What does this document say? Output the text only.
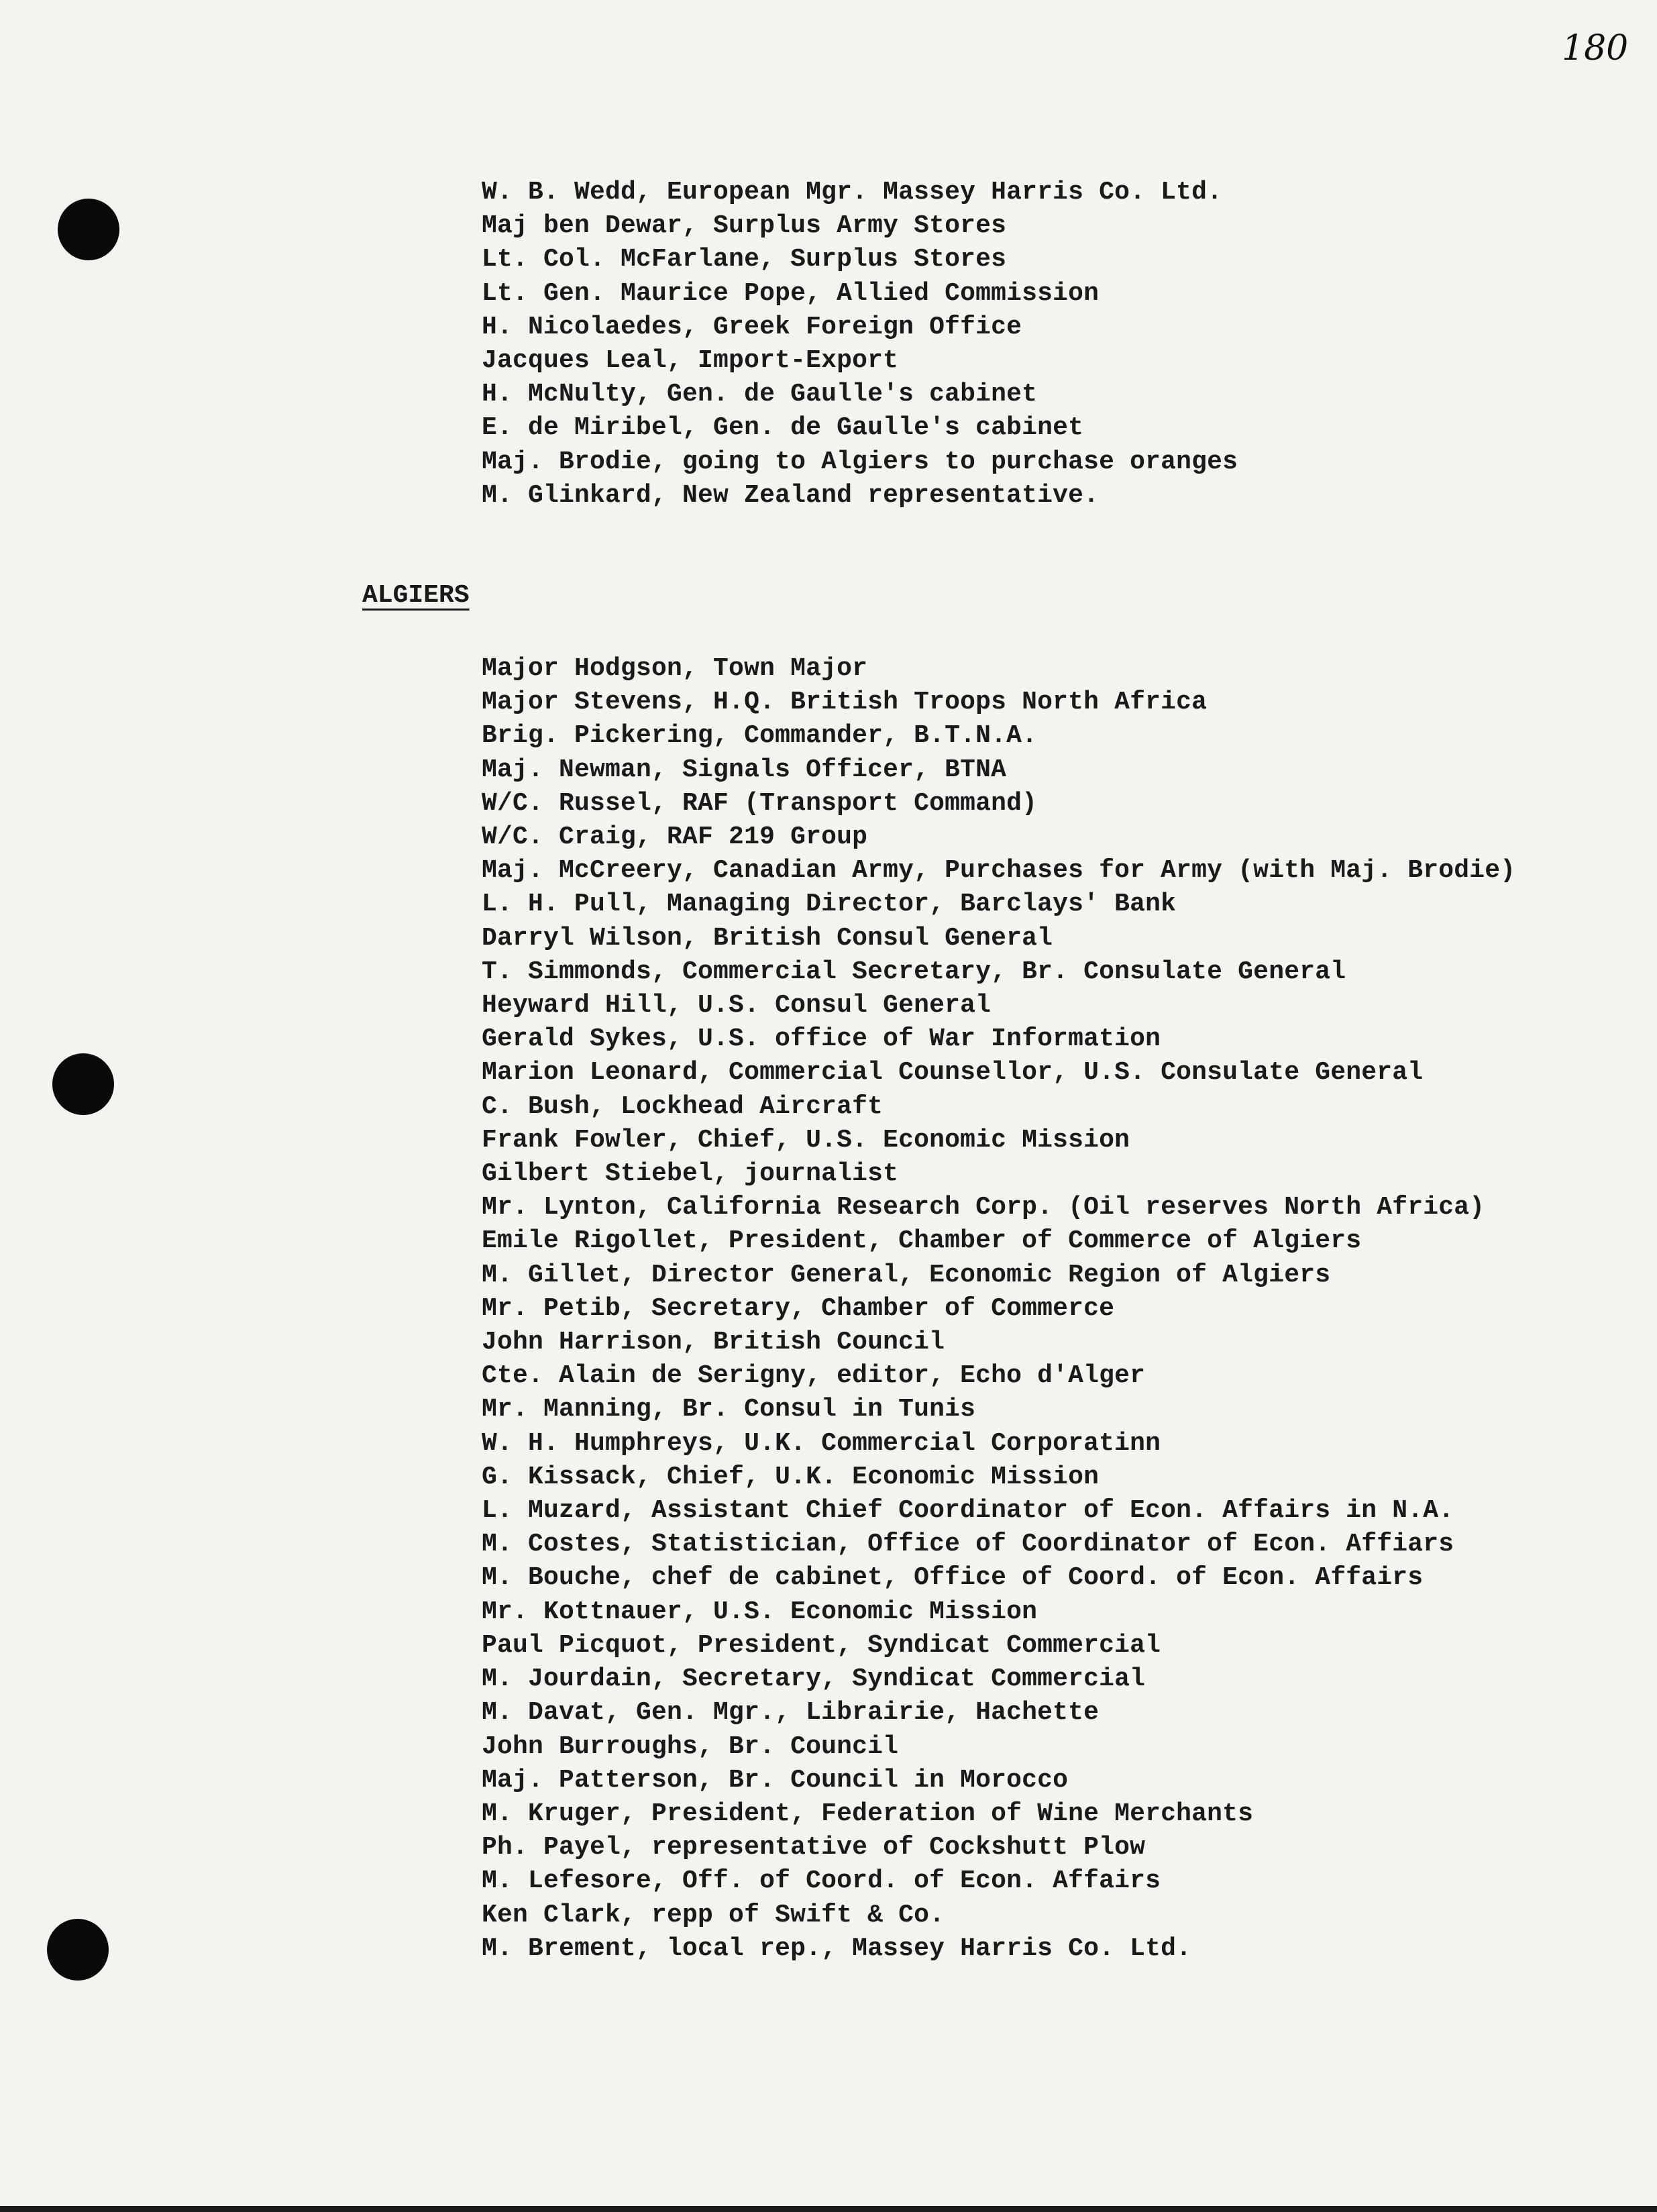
180
W. B. Wedd, European Mgr. Massey Harris Co. Ltd.
Maj ben Dewar, Surplus Army Stores
Lt. Col. McFarlane, Surplus Stores
Lt. Gen. Maurice Pope, Allied Commission
H. Nicolaedes, Greek Foreign Office
Jacques Leal, Import-Export
H. McNulty, Gen. de Gaulle's cabinet
E. de Miribel, Gen. de Gaulle's cabinet
Maj. Brodie, going to Algiers to purchase oranges
M. Glinkard, New Zealand representative.
ALGIERS
Major Hodgson, Town Major
Major Stevens, H.Q. British Troops North Africa
Brig. Pickering, Commander, B.T.N.A.
Maj. Newman, Signals Officer, BTNA
W/C. Russel, RAF (Transport Command)
W/C. Craig, RAF 219 Group
Maj. McCreery, Canadian Army, Purchases for Army (with Maj. Brodie)
L. H. Pull, Managing Director, Barclays' Bank
Darryl Wilson, British Consul General
T. Simmonds, Commercial Secretary, Br. Consulate General
Heyward Hill, U.S. Consul General
Gerald Sykes, U.S. office of War Information
Marion Leonard, Commercial Counsellor, U.S. Consulate General
C. Bush, Lockhead Aircraft
Frank Fowler, Chief, U.S. Economic Mission
Gilbert Stiebel, journalist
Mr. Lynton, California Research Corp. (Oil reserves North Africa)
Emile Rigollet, President, Chamber of Commerce of Algiers
M. Gillet, Director General, Economic Region of Algiers
Mr. Petib, Secretary, Chamber of Commerce
John Harrison, British Council
Cte. Alain de Serigny, editor, Echo d'Alger
Mr. Manning, Br. Consul in Tunis
W. H. Humphreys, U.K. Commercial Corporatinn
G. Kissack, Chief, U.K. Economic Mission
L. Muzard, Assistant Chief Coordinator of Econ. Affairs in N.A.
M. Costes, Statistician, Office of Coordinator of Econ. Affiars
M. Bouche, chef de cabinet, Office of Coord. of Econ. Affairs
Mr. Kottnauer, U.S. Economic Mission
Paul Picquot, President, Syndicat Commercial
M. Jourdain, Secretary, Syndicat Commercial
M. Davat, Gen. Mgr., Librairie, Hachette
John Burroughs, Br. Council
Maj. Patterson, Br. Council in Morocco
M. Kruger, President, Federation of Wine Merchants
Ph. Payel, representative of Cockshutt Plow
M. Lefesore, Off. of Coord. of Econ. Affairs
Ken Clark, repp of Swift & Co.
M. Brement, local rep., Massey Harris Co. Ltd.
